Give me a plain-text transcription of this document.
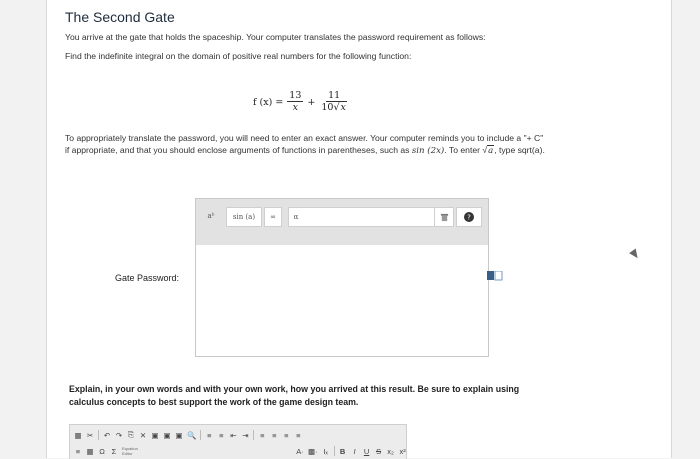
The Second Gate
You arrive at the gate that holds the spaceship. Your computer translates the password requirement as follows:
Find the indefinite integral on the domain of positive real numbers for the following function:
f $(x) = \frac{13}{x} + \frac{11}{10√x}$
To appropriately translate the password, you will need to enter an exact answer. Your computer reminds you to include a "+ C" if appropriate, and that you should enclose arguments of functions in parentheses, such as sin (2x). To enter √a, type sqrt(a).
aᵇ	sin (a)	∞	α	?
Gate Password:
Explain, in your own words and with your own work, how you arrived at this result. Be sure to explain using calculus concepts to best support the work of the game design team.
▦ ✂ ↶ ↷ ⎘ ✕ ▣ ▣ ▣ 🔍 ≡ ≡ ⇤ ⇥ ≡ ≡ ≡ ≡
≡ ▦ Ω Σ	Equation Editor	A· ▩· Iₓ B	I	U S x₂ x²
